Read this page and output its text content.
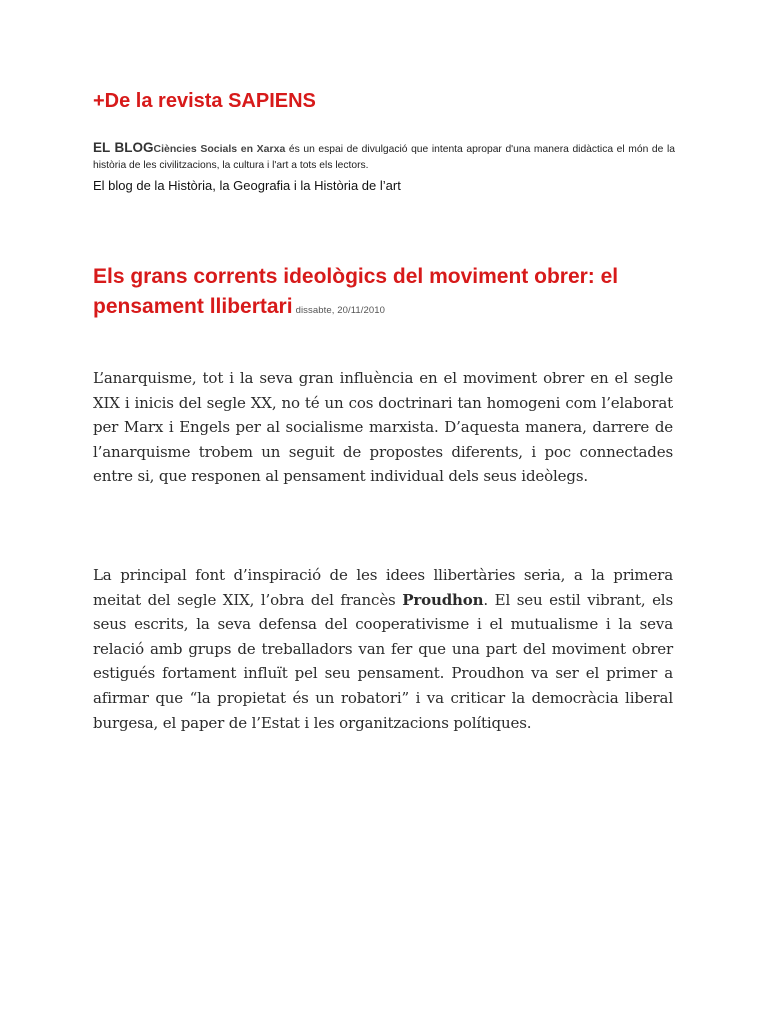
+De la revista SAPIENS

EL BLOGCiències Socials en Xarxa és un espai de divulgació que intenta apropar d'una manera didàctica el món de la història de les civilitzacions, la cultura i l'art a tots els lectors.

El blog de la Història, la Geografia i la Història de l’art

Els grans corrents ideològics del moviment obrer: el pensament llibertari dissabte, 20/11/2010

L’anarquisme, tot i la seva gran influència en el moviment obrer en el segle XIX i inicis del segle XX, no té un cos doctrinari tan homogeni com l’elaborat per Marx i Engels per al socialisme marxista. D’aquesta manera, darrere de l’anarquisme trobem un seguit de propostes diferents, i poc connectades entre si, que responen al pensament individual dels seus ideòlegs.

La principal font d’inspiració de les idees llibertàries seria, a la primera meitat del segle XIX, l’obra del francès Proudhon. El seu estil vibrant, els seus escrits, la seva defensa del cooperativisme i el mutualisme i la seva relació amb grups de treballadors van fer que una part del moviment obrer estigués fortament influït pel seu pensament. Proudhon va ser el primer a afirmar que “la propietat és un robatori” i va criticar la democràcia liberal burgesa, el paper de l’Estat i les organitzacions polítiques.
